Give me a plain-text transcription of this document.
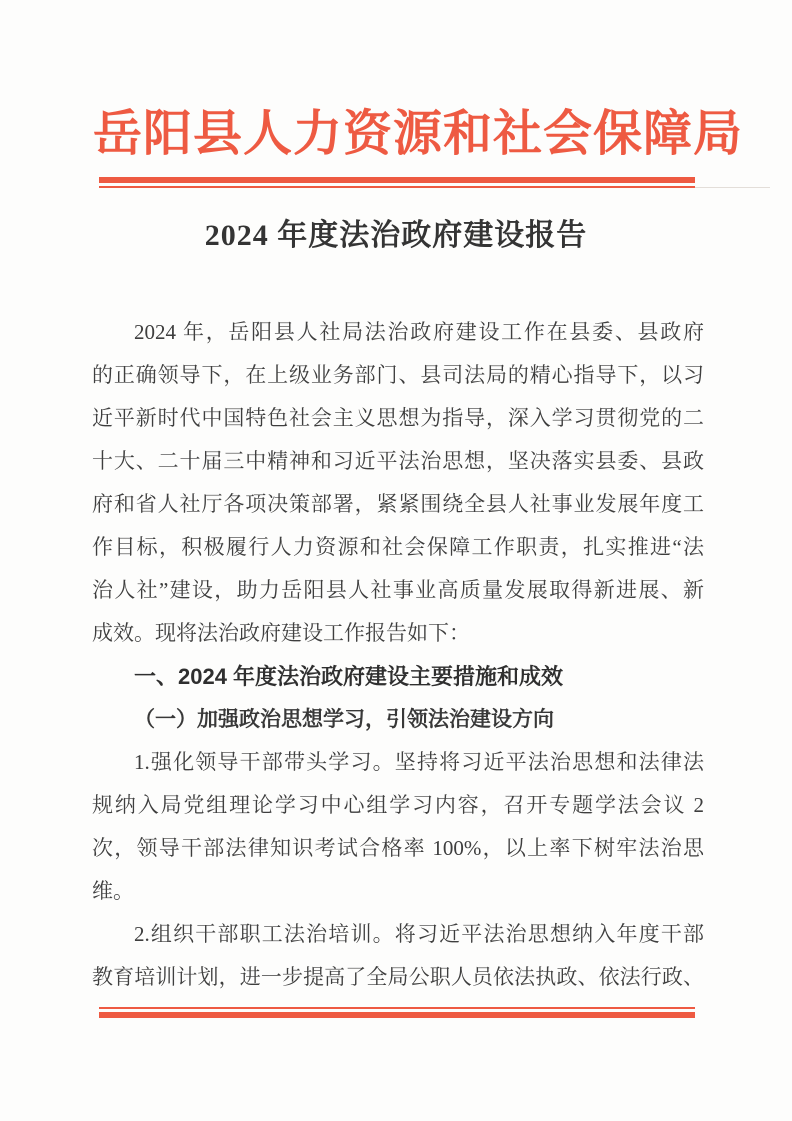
岳阳县人力资源和社会保障局
2024 年度法治政府建设报告
2024 年，岳阳县人社局法治政府建设工作在县委、县政府
的正确领导下，在上级业务部门、县司法局的精心指导下，以习
近平新时代中国特色社会主义思想为指导，深入学习贯彻党的二
十大、二十届三中精神和习近平法治思想，坚决落实县委、县政
府和省人社厅各项决策部署，紧紧围绕全县人社事业发展年度工
作目标，积极履行人力资源和社会保障工作职责，扎实推进“法
治人社”建设，助力岳阳县人社事业高质量发展取得新进展、新
成效。现将法治政府建设工作报告如下：
一、2024 年度法治政府建设主要措施和成效
（一）加强政治思想学习，引领法治建设方向
1.强化领导干部带头学习。坚持将习近平法治思想和法律法
规纳入局党组理论学习中心组学习内容，召开专题学法会议 2
次，领导干部法律知识考试合格率 100%，以上率下树牢法治思
维。
2.组织干部职工法治培训。将习近平法治思想纳入年度干部
教育培训计划，进一步提高了全局公职人员依法执政、依法行政、
